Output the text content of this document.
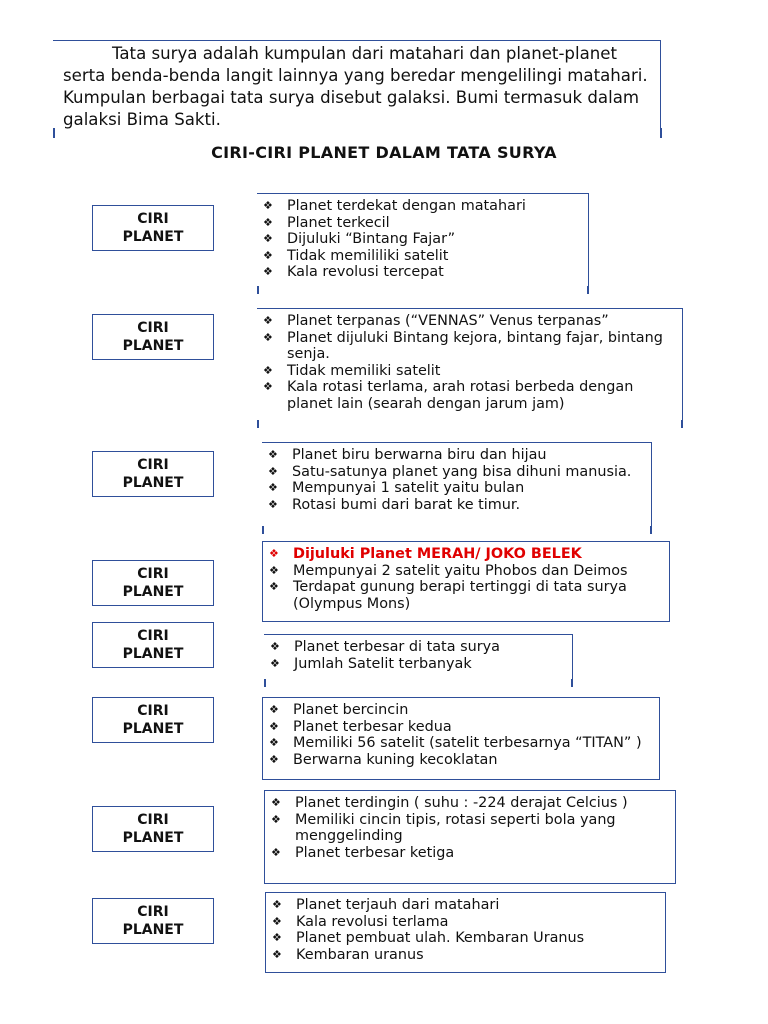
Tata surya adalah kumpulan dari matahari dan planet-planet serta benda-benda langit lainnya yang beredar mengelilingi matahari. Kumpulan berbagai tata surya disebut galaksi. Bumi termasuk dalam galaksi Bima Sakti.

CIRI-CIRI PLANET DALAM TATA SURYA
CIRI
PLANET
❖ Planet terdekat dengan matahari
❖ Planet terkecil
❖ Dijuluki “Bintang Fajar”
❖ Tidak memililiki satelit
❖ Kala revolusi tercepat
CIRI
PLANET
❖ Planet terpanas (“VENNAS” Venus terpanas”
❖ Planet dijuluki Bintang kejora, bintang fajar, bintang senja.
❖ Tidak memiliki satelit
❖ Kala rotasi terlama, arah rotasi berbeda dengan planet lain (searah dengan jarum jam)
CIRI
PLANET
❖ Planet biru berwarna biru dan hijau
❖ Satu-satunya planet yang bisa dihuni manusia.
❖ Mempunyai 1 satelit yaitu bulan
❖ Rotasi bumi dari barat ke timur.
CIRI
PLANET
❖ Dijuluki Planet MERAH/ JOKO BELEK
❖ Mempunyai 2 satelit yaitu Phobos dan Deimos
❖ Terdapat gunung berapi tertinggi di tata surya (Olympus Mons)
CIRI
PLANET
❖	Planet terbesar di tata surya
❖ Jumlah Satelit terbanyak
CIRI
PLANET
❖ Planet bercincin
❖ Planet terbesar kedua
❖ Memiliki 56 satelit (satelit terbesarnya “TITAN” )
❖ Berwarna kuning kecoklatan
CIRI
PLANET
❖ Planet terdingin ( suhu : -224 derajat Celcius )
❖ Memiliki cincin tipis, rotasi seperti bola yang menggelinding
❖ Planet terbesar ketiga
CIRI
PLANET
❖ Planet terjauh dari matahari
❖ Kala revolusi terlama
❖ Planet pembuat ulah. Kembaran Uranus
❖ Kembaran uranus
